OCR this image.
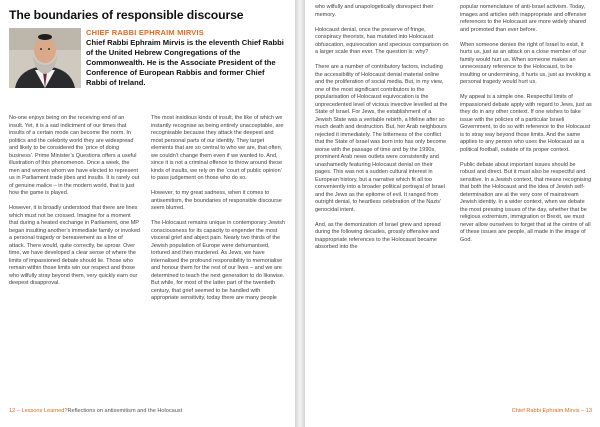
The boundaries of responsible discourse
CHIEF RABBI EPHRAIM MIRVIS

Chief Rabbi Ephraim Mirvis is the eleventh Chief Rabbi of the United Hebrew Congregations of the Commonwealth. He is the Associate President of the Conference of European Rabbis and former Chief Rabbi of Ireland.

No-one enjoys being on the receiving end of an insult. Yet, it is a sad indictment of our times that insults of a certain mode can become the norm. In politics and the celebrity world they are widespread and likely to be considered the ‘price of doing business’. Prime Minister’s Questions offers a useful illustration of this phenomenon. Once a week, the men and women whom we have elected to represent us in Parliament trade jibes and insults. It is rarely out of genuine malice – in the modern world, that is just how the game is played.

However, it is broadly understood that there are lines which must not be crossed. Imagine for a moment that during a heated exchange in Parliament, one MP began insulting another’s immediate family or invoked a personal tragedy or bereavement as a line of attack. There would, quite correctly, be uproar. Over time, we have developed a clear sense of where the limits of impassioned debate should lie. Those who remain within those limits win our respect and those who wilfully stray beyond them, very quickly earn our deepest disapproval.

The most insidious kinds of insult, the like of which we instantly recognise as being entirely unacceptable, are recognisable because they attack the deepest and most personal parts of our identity. They target elements that are so central to who we are, that often, we couldn’t change them even if we wanted to. And, since it is not a criminal offence to throw around these kinds of insults, we rely on the ‘court of public opinion’ to pass judgement on those who do so.

However, to my great sadness, when it comes to antisemitism, the boundaries of responsible discourse seem blurred.

The Holocaust remains unique in contemporary Jewish consciousness for its capacity to engender the most visceral grief and abject pain. Nearly two thirds of the Jewish population of Europe were dehumanised, tortured and then murdered. As Jews, we have internalised the profound responsibility to memorialise and honour them for the rest of our lives – and we are determined to teach the next generation to do likewise. But while, for most of the latter part of the twentieth century, that grief seemed to be handled with appropriate sensitivity, today there are many people

12 – Lessons Learned?Reflections on antisemitism and the Holocaust

who wilfully and unapologetically disrespect their memory.

Holocaust denial, once the preserve of fringe, conspiracy theorists, has mutated into Holocaust obfuscation, equivocation and specious comparison on a larger scale than ever. The question is: why?

There are a number of contributory factors, including the accessibility of Holocaust denial material online and the proliferation of social media. But, in my view, one of the most significant contributors to the popularisation of Holocaust equivocation is the unprecedented level of vicious invective levelled at the State of Israel. For Jews, the establishment of a Jewish State was a veritable rebirth, a lifeline after so much death and destruction. But, her Arab neighbours rejected it immediately. The bitterness of the conflict that the State of Israel was born into has only become worse with the passage of time and by the 1990s, prominent Arab news outlets were consistently and unashamedly featuring Holocaust denial on their pages. This was not a sudden cultural interest in European history, but a narrative which fit all too conveniently into a broader political portrayal of Israel and the Jews as the epitome of evil. It ranged from outright denial, to heartless celebration of the Nazis’ genocidal intent.

And, as the demonization of Israel grew and spread during the following decades, grossly offensive and inappropriate references to the Holocaust became absorbed into the

popular nomenclature of anti-Israel activism. Today, images and articles with inappropriate and offensive references to the Holocaust are more widely shared and promoted than ever before.

When someone denies the right of Israel to exist, it hurts us, just as an attack on a close member of our family would hurt us. When someone makes an unnecessary reference to the Holocaust, to be insulting or undermining, it hurts us, just as invoking a personal tragedy would hurt us.

My appeal is a simple one. Respectful limits of impassioned debate apply with regard to Jews, just as they do in any other context. If one wishes to take issue with the policies of a particular Israeli Government, to do so with reference to the Holocaust is to stray way beyond those limits. And the same applies to any person who uses the Holocaust as a political football, outside of its proper context.

Public debate about important issues should be robust and direct. But it must also be respectful and sensitive. In a Jewish context, that means recognising that both the Holocaust and the idea of Jewish self-determination are at the very core of mainstream Jewish identity. In a wider context, when we debate the most pressing issues of the day, whether that be religious extremism, immigration or Brexit, we must never allow ourselves to forget that at the centre of all of these issues are people, all made in the image of God.

Chief Rabbi Ephraim Mirvis – 13
